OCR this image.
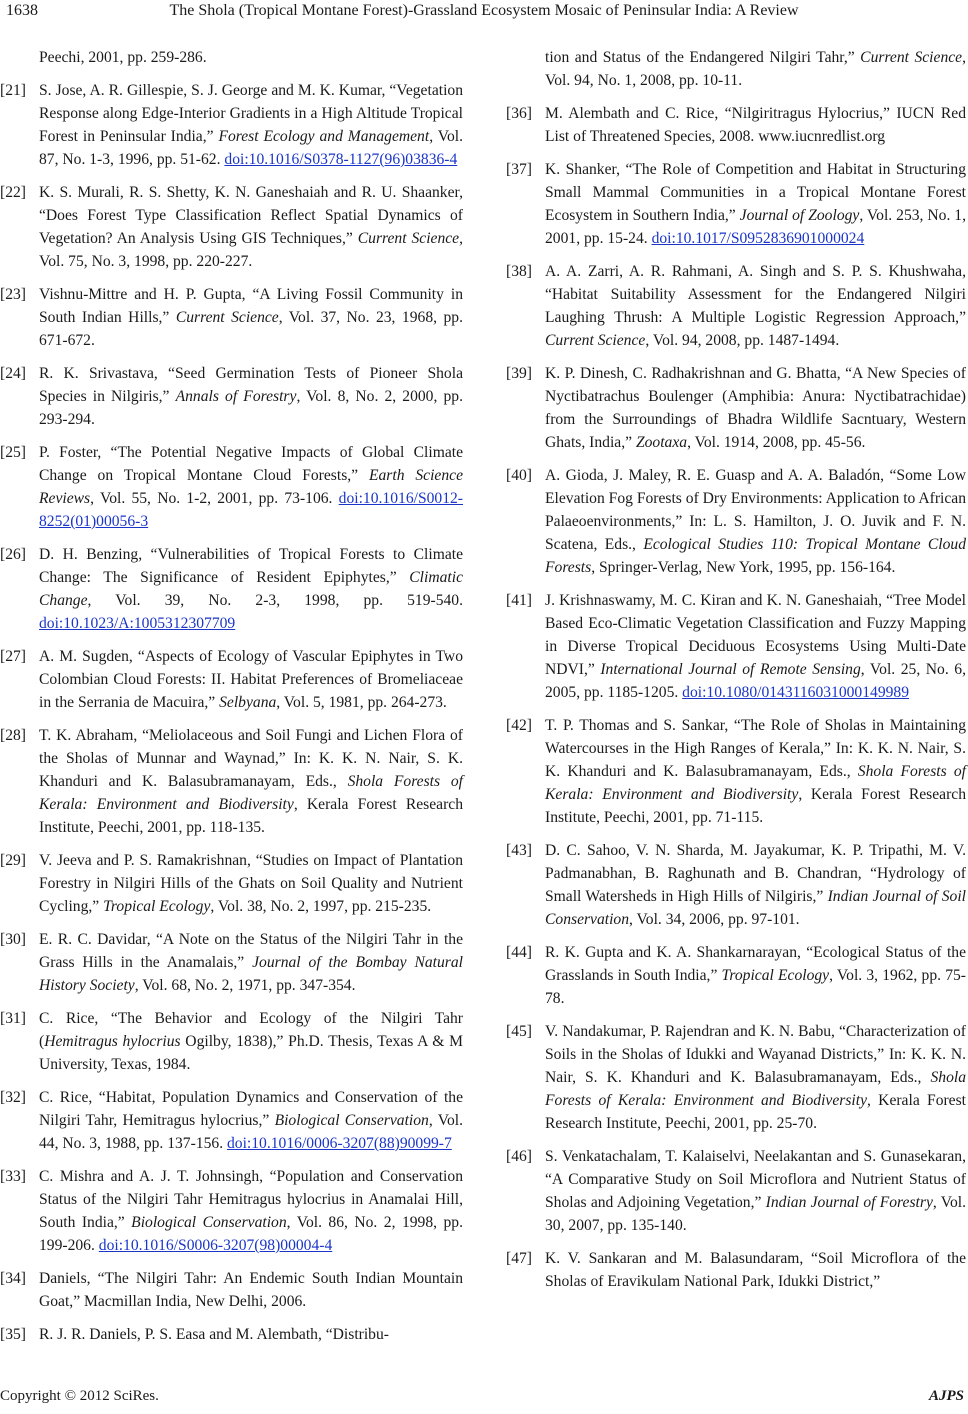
1638	The Shola (Tropical Montane Forest)-Grassland Ecosystem Mosaic of Peninsular India: A Review
Peechi, 2001, pp. 259-286.
[21] S. Jose, A. R. Gillespie, S. J. George and M. K. Kumar, “Vegetation Response along Edge-Interior Gradients in a High Altitude Tropical Forest in Peninsular India,” Forest Ecology and Management, Vol. 87, No. 1-3, 1996, pp. 51-62. doi:10.1016/S0378-1127(96)03836-4
[22] K. S. Murali, R. S. Shetty, K. N. Ganeshaiah and R. U. Shaanker, “Does Forest Type Classification Reflect Spatial Dynamics of Vegetation? An Analysis Using GIS Techniques,” Current Science, Vol. 75, No. 3, 1998, pp. 220-227.
[23] Vishnu-Mittre and H. P. Gupta, “A Living Fossil Community in South Indian Hills,” Current Science, Vol. 37, No. 23, 1968, pp. 671-672.
[24] R. K. Srivastava, “Seed Germination Tests of Pioneer Shola Species in Nilgiris,” Annals of Forestry, Vol. 8, No. 2, 2000, pp. 293-294.
[25] P. Foster, “The Potential Negative Impacts of Global Climate Change on Tropical Montane Cloud Forests,” Earth Science Reviews, Vol. 55, No. 1-2, 2001, pp. 73-106. doi:10.1016/S0012-8252(01)00056-3
[26] D. H. Benzing, “Vulnerabilities of Tropical Forests to Climate Change: The Significance of Resident Epiphytes,” Climatic Change, Vol. 39, No. 2-3, 1998, pp. 519-540. doi:10.1023/A:1005312307709
[27] A. M. Sugden, “Aspects of Ecology of Vascular Epiphytes in Two Colombian Cloud Forests: II. Habitat Preferences of Bromeliaceae in the Serrania de Macuira,” Selbyana, Vol. 5, 1981, pp. 264-273.
[28] T. K. Abraham, “Meliolaceous and Soil Fungi and Lichen Flora of the Sholas of Munnar and Waynad,” In: K. K. N. Nair, S. K. Khanduri and K. Balasubramanayam, Eds., Shola Forests of Kerala: Environment and Biodiversity, Kerala Forest Research Institute, Peechi, 2001, pp. 118-135.
[29] V. Jeeva and P. S. Ramakrishnan, “Studies on Impact of Plantation Forestry in Nilgiri Hills of the Ghats on Soil Quality and Nutrient Cycling,” Tropical Ecology, Vol. 38, No. 2, 1997, pp. 215-235.
[30] E. R. C. Davidar, “A Note on the Status of the Nilgiri Tahr in the Grass Hills in the Anamalais,” Journal of the Bombay Natural History Society, Vol. 68, No. 2, 1971, pp. 347-354.
[31] C. Rice, “The Behavior and Ecology of the Nilgiri Tahr (Hemitragus hylocrius Ogilby, 1838),” Ph.D. Thesis, Texas A & M University, Texas, 1984.
[32] C. Rice, “Habitat, Population Dynamics and Conservation of the Nilgiri Tahr, Hemitragus hylocrius,” Biological Conservation, Vol. 44, No. 3, 1988, pp. 137-156. doi:10.1016/0006-3207(88)90099-7
[33] C. Mishra and A. J. T. Johnsingh, “Population and Conservation Status of the Nilgiri Tahr Hemitragus hylocrius in Anamalai Hill, South India,” Biological Conservation, Vol. 86, No. 2, 1998, pp. 199-206. doi:10.1016/S0006-3207(98)00004-4
[34] Daniels, “The Nilgiri Tahr: An Endemic South Indian Mountain Goat,” Macmillan India, New Delhi, 2006.
[35] R. J. R. Daniels, P. S. Easa and M. Alembath, “Distribu-
tion and Status of the Endangered Nilgiri Tahr,” Current Science, Vol. 94, No. 1, 2008, pp. 10-11.
[36] M. Alembath and C. Rice, “Nilgiritragus Hylocrius,” IUCN Red List of Threatened Species, 2008. www.iucnredlist.org
[37] K. Shanker, “The Role of Competition and Habitat in Structuring Small Mammal Communities in a Tropical Montane Forest Ecosystem in Southern India,” Journal of Zoology, Vol. 253, No. 1, 2001, pp. 15-24. doi:10.1017/S0952836901000024
[38] A. A. Zarri, A. R. Rahmani, A. Singh and S. P. S. Khushwaha, “Habitat Suitability Assessment for the Endangered Nilgiri Laughing Thrush: A Multiple Logistic Regression Approach,” Current Science, Vol. 94, 2008, pp. 1487-1494.
[39] K. P. Dinesh, C. Radhakrishnan and G. Bhatta, “A New Species of Nyctibatrachus Boulenger (Amphibia: Anura: Nyctibatrachidae) from the Surroundings of Bhadra Wildlife Sacntuary, Western Ghats, India,” Zootaxa, Vol. 1914, 2008, pp. 45-56.
[40] A. Gioda, J. Maley, R. E. Guasp and A. A. Baladón, “Some Low Elevation Fog Forests of Dry Environments: Application to African Palaeoenvironments,” In: L. S. Hamilton, J. O. Juvik and F. N. Scatena, Eds., Ecological Studies 110: Tropical Montane Cloud Forests, Springer-Verlag, New York, 1995, pp. 156-164.
[41] J. Krishnaswamy, M. C. Kiran and K. N. Ganeshaiah, “Tree Model Based Eco-Climatic Vegetation Classification and Fuzzy Mapping in Diverse Tropical Deciduous Ecosystems Using Multi-Date NDVI,” International Journal of Remote Sensing, Vol. 25, No. 6, 2005, pp. 1185-1205. doi:10.1080/0143116031000149989
[42] T. P. Thomas and S. Sankar, “The Role of Sholas in Maintaining Watercourses in the High Ranges of Kerala,” In: K. K. N. Nair, S. K. Khanduri and K. Balasubramanayam, Eds., Shola Forests of Kerala: Environment and Biodiversity, Kerala Forest Research Institute, Peechi, 2001, pp. 71-115.
[43] D. C. Sahoo, V. N. Sharda, M. Jayakumar, K. P. Tripathi, M. V. Padmanabhan, B. Raghunath and B. Chandran, “Hydrology of Small Watersheds in High Hills of Nilgiris,” Indian Journal of Soil Conservation, Vol. 34, 2006, pp. 97-101.
[44] R. K. Gupta and K. A. Shankarnarayan, “Ecological Status of the Grasslands in South India,” Tropical Ecology, Vol. 3, 1962, pp. 75-78.
[45] V. Nandakumar, P. Rajendran and K. N. Babu, “Characterization of Soils in the Sholas of Idukki and Wayanad Districts,” In: K. K. N. Nair, S. K. Khanduri and K. Balasubramanayam, Eds., Shola Forests of Kerala: Environment and Biodiversity, Kerala Forest Research Institute, Peechi, 2001, pp. 25-70.
[46] S. Venkatachalam, T. Kalaiselvi, Neelakantan and S. Gunasekaran, “A Comparative Study on Soil Microflora and Nutrient Status of Sholas and Adjoining Vegetation,” Indian Journal of Forestry, Vol. 30, 2007, pp. 135-140.
[47] K. V. Sankaran and M. Balasundaram, “Soil Microflora of the Sholas of Eravikulam National Park, Idukki District,”
Copyright © 2012 SciRes.	AJPS
